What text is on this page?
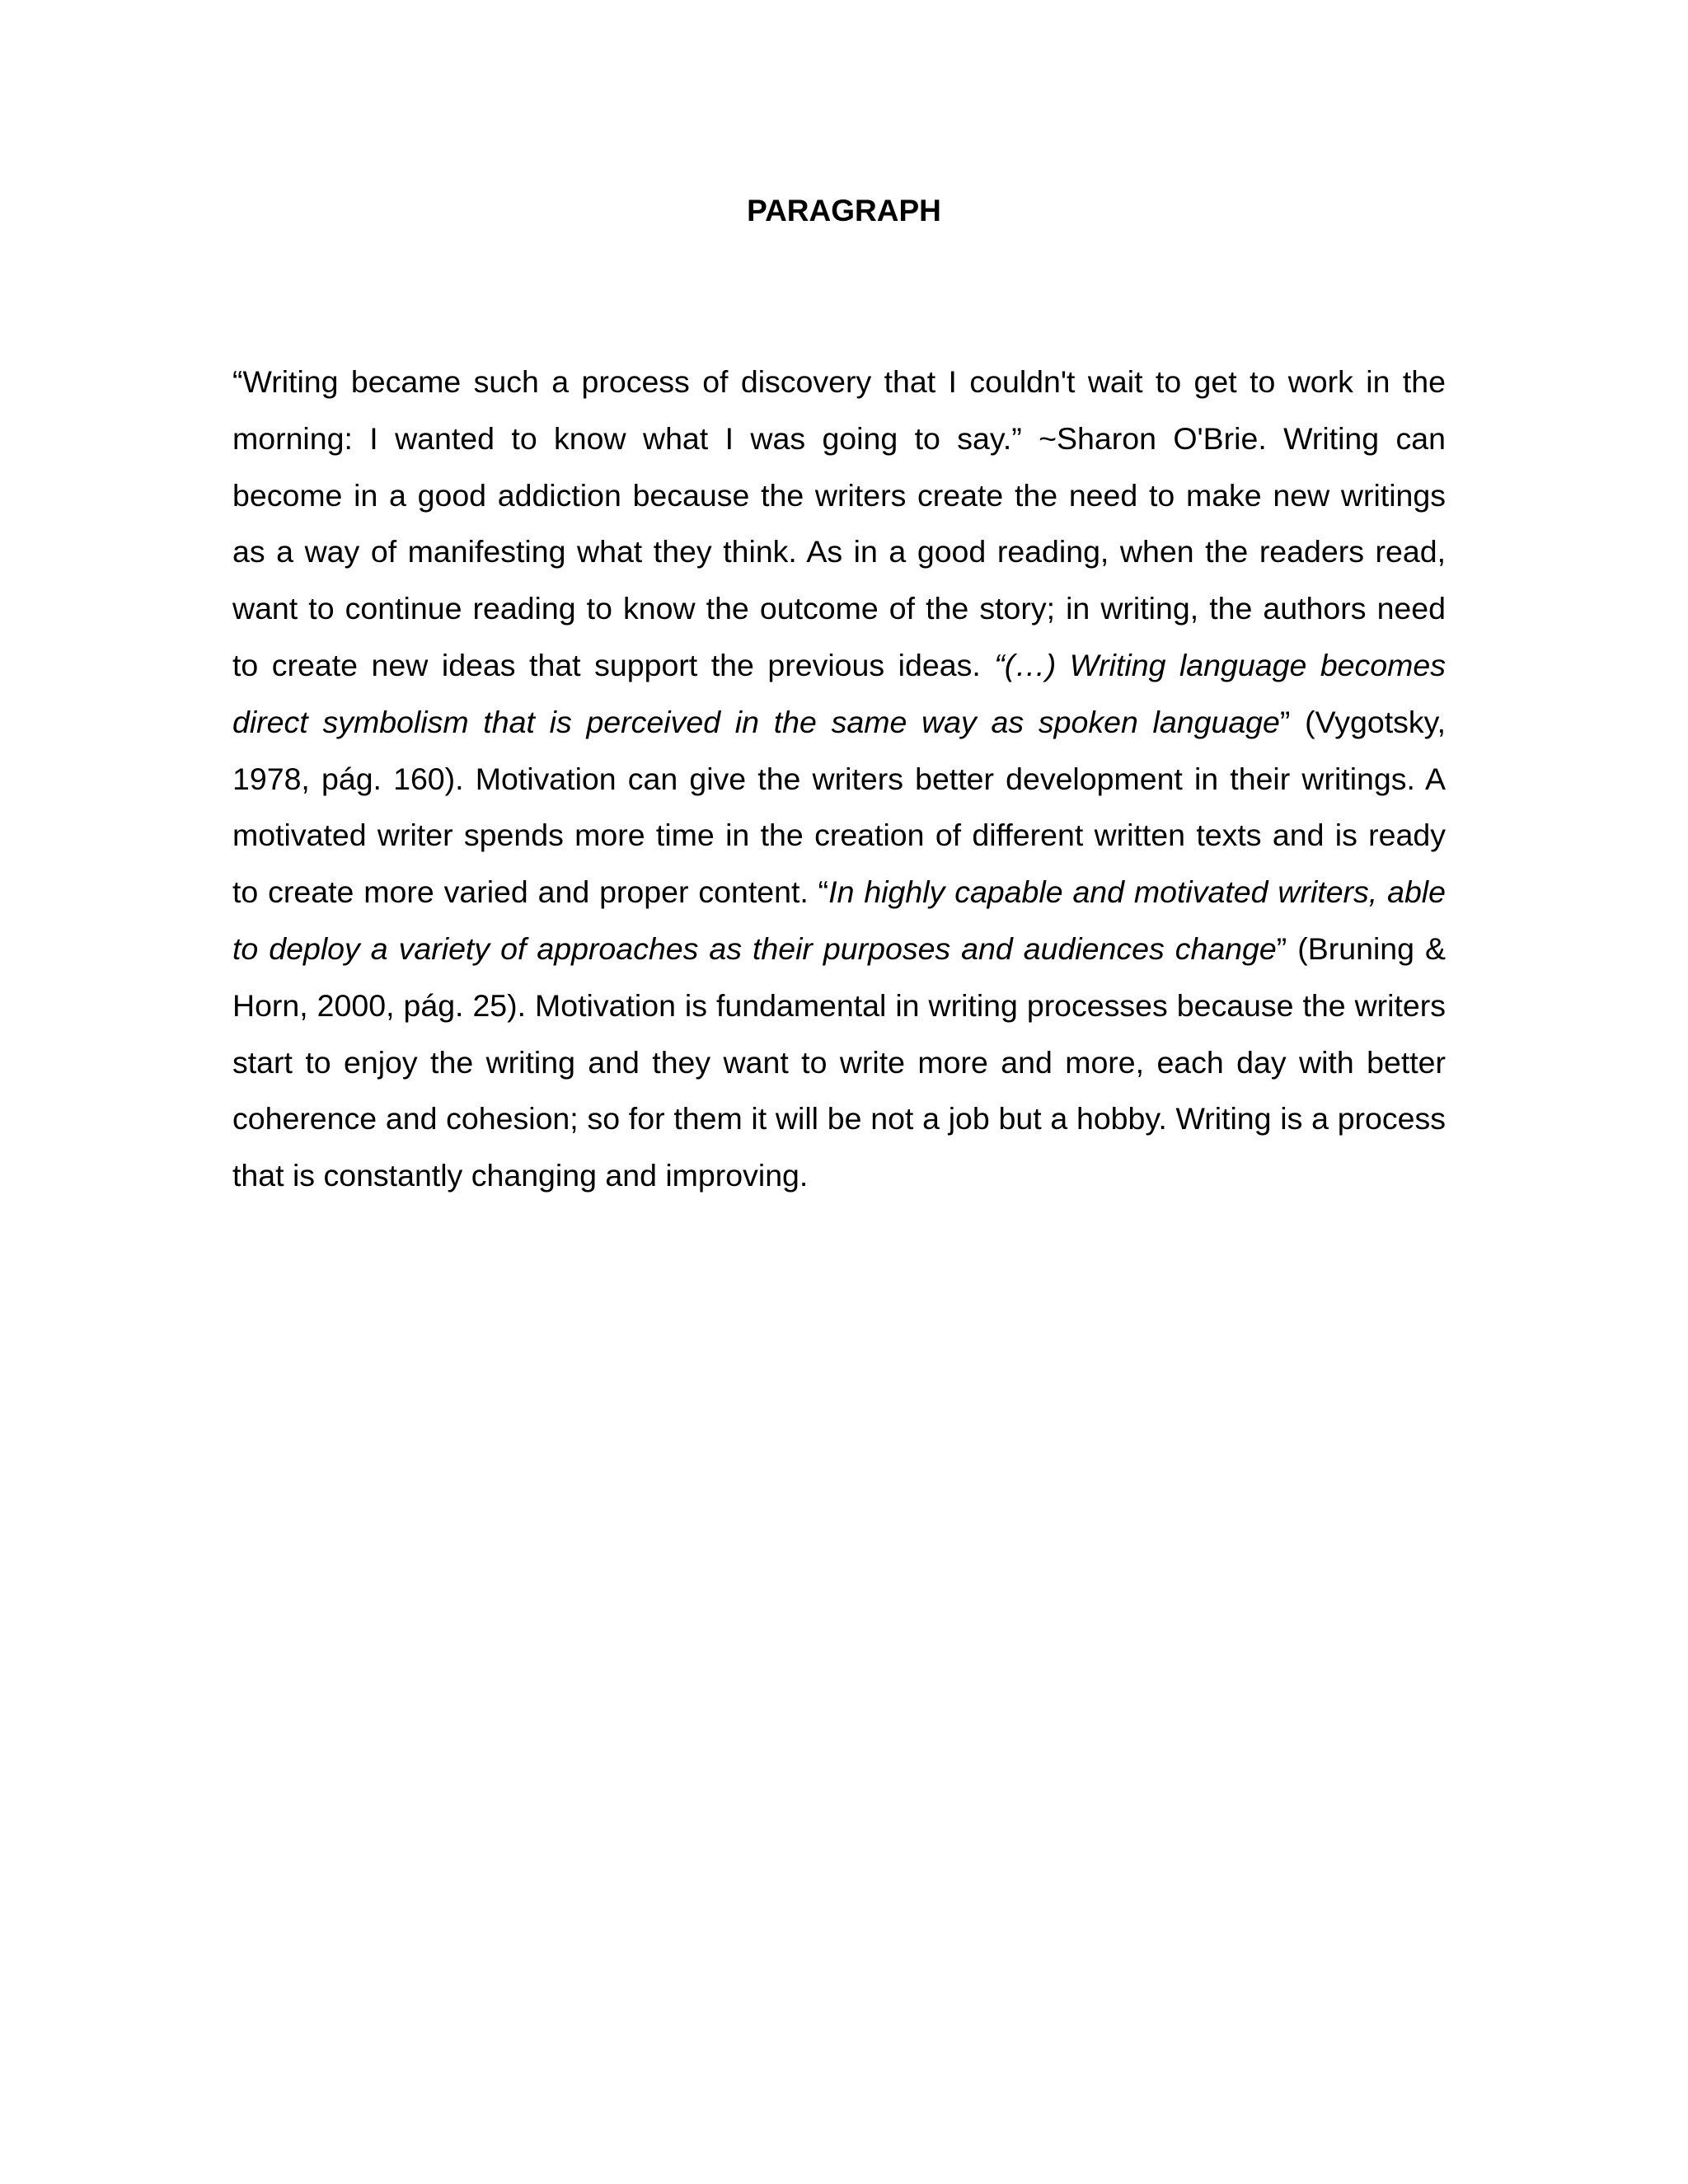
PARAGRAPH

“Writing became such a process of discovery that I couldn't wait to get to work in the morning: I wanted to know what I was going to say.” ~Sharon O'Brie. Writing can become in a good addiction because the writers create the need to make new writings as a way of manifesting what they think. As in a good reading, when the readers read, want to continue reading to know the outcome of the story; in writing, the authors need to create new ideas that support the previous ideas. “(…) Writing language becomes direct symbolism that is perceived in the same way as spoken language” (Vygotsky, 1978, pág. 160). Motivation can give the writers better development in their writings. A motivated writer spends more time in the creation of different written texts and is ready to create more varied and proper content. “In highly capable and motivated writers, able to deploy a variety of approaches as their purposes and audiences change” (Bruning & Horn, 2000, pág. 25). Motivation is fundamental in writing processes because the writers start to enjoy the writing and they want to write more and more, each day with better coherence and cohesion; so for them it will be not a job but a hobby. Writing is a process that is constantly changing and improving.
